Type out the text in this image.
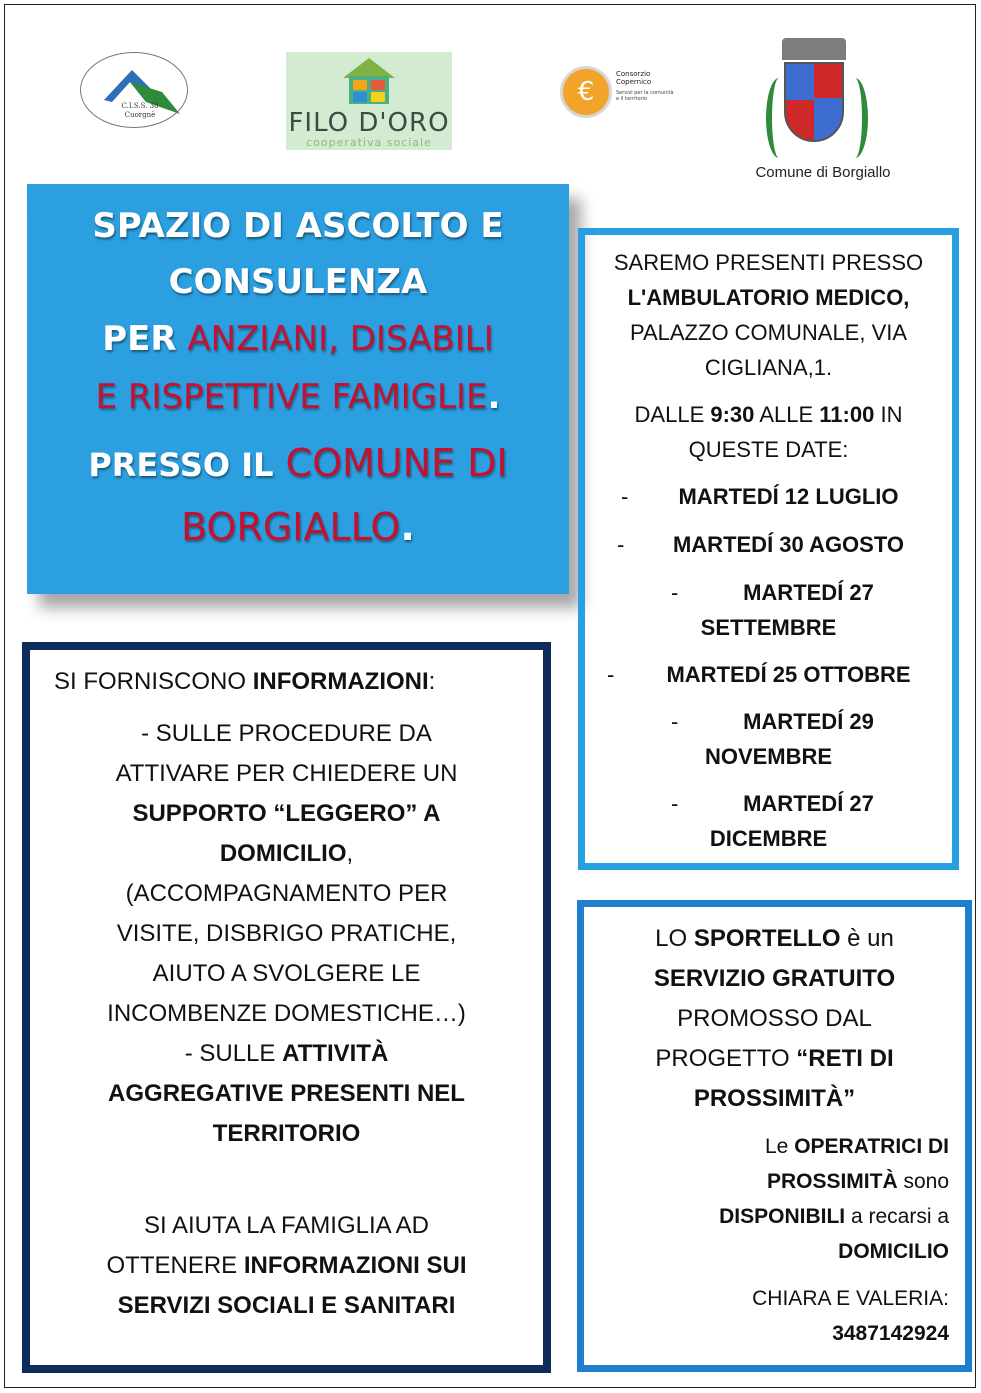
C.I.S.S. 38
Cuorgnè	FILO D'ORO
cooperativa sociale
€
Consorzio
Copernico
Servizi per la comunità e il territorio
Comune di Borgiallo
SPAZIO DI ASCOLTO E
CONSULENZA
PER ANZIANI, DISABILI
E RISPETTIVE FAMIGLIE.
PRESSO IL COMUNE DI
BORGIALLO.
SAREMO PRESENTI PRESSO
L'AMBULATORIO MEDICO,
PALAZZO COMUNALE, VIA
CIGLIANA,1.
DALLE 9:30 ALLE 11:00 IN
QUESTE DATE:
- MARTEDÍ 12 LUGLIO
- MARTEDÍ 30 AGOSTO
-	MARTEDÍ 27
SETTEMBRE
- MARTEDÍ 25 OTTOBRE
-	MARTEDÍ 29
NOVEMBRE
-	MARTEDÍ 27
DICEMBRE
SI FORNISCONO INFORMAZIONI:
- SULLE PROCEDURE DA
ATTIVARE PER CHIEDERE UN
SUPPORTO “LEGGERO” A
DOMICILIO,
(ACCOMPAGNAMENTO PER
VISITE, DISBRIGO PRATICHE,
AIUTO A SVOLGERE LE
INCOMBENZE DOMESTICHE…)
- SULLE ATTIVITÀ
AGGREGATIVE PRESENTI NEL
TERRITORIO
SI AIUTA LA FAMIGLIA AD
OTTENERE INFORMAZIONI SUI
SERVIZI SOCIALI E SANITARI
LO SPORTELLO è un
SERVIZIO GRATUITO
PROMOSSO DAL
PROGETTO “RETI DI
PROSSIMITÀ”
Le OPERATRICI DI
PROSSIMITÀ sono
DISPONIBILI a recarsi a
DOMICILIO
CHIARA E VALERIA:
3487142924
